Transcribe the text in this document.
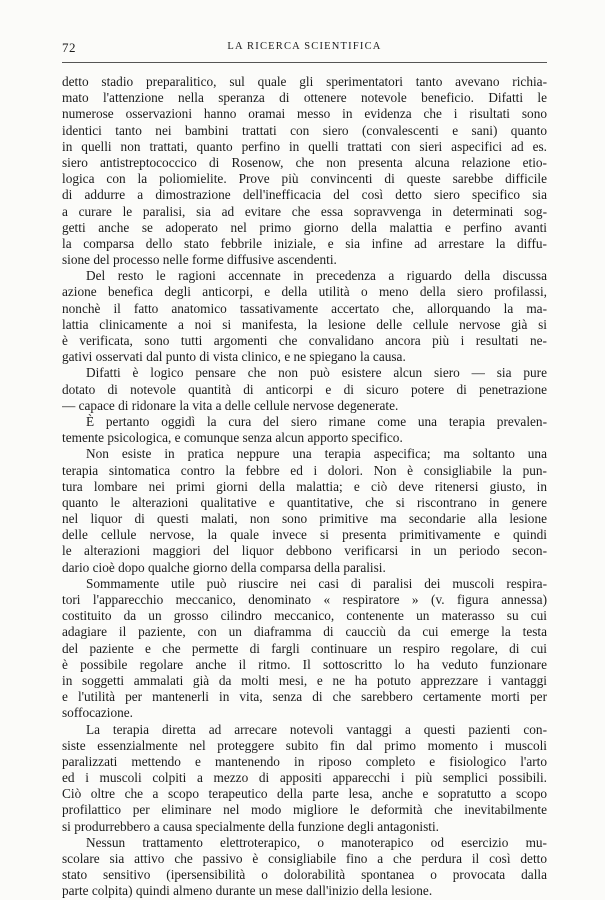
72	LA RICERCA SCIENTIFICA
detto stadio preparalitico, sul quale gli sperimentatori tanto avevano richia-
mato l'attenzione nella speranza di ottenere notevole beneficio. Difatti le
numerose osservazioni hanno oramai messo in evidenza che i risultati sono
identici tanto nei bambini trattati con siero (convalescenti e sani) quanto
in quelli non trattati, quanto perfino in quelli trattati con sieri aspecifici ad es.
siero antistreptococcico di Rosenow, che non presenta alcuna relazione etio-
logica con la poliomielite. Prove più convincenti di queste sarebbe difficile
di addurre a dimostrazione dell'inefficacia del così detto siero specifico sia
a curare le paralisi, sia ad evitare che essa sopravvenga in determinati sog-
getti anche se adoperato nel primo giorno della malattia e perfino avanti
la comparsa dello stato febbrile iniziale, e sia infine ad arrestare la diffu-
sione del processo nelle forme diffusive ascendenti.
Del resto le ragioni accennate in precedenza a riguardo della discussa
azione benefica degli anticorpi, e della utilità o meno della siero profilassi,
nonchè il fatto anatomico tassativamente accertato che, allorquando la ma-
lattia clinicamente a noi si manifesta, la lesione delle cellule nervose già si
è verificata, sono tutti argomenti che convalidano ancora più i resultati ne-
gativi osservati dal punto di vista clinico, e ne spiegano la causa.
Difatti è logico pensare che non può esistere alcun siero — sia pure
dotato di notevole quantità di anticorpi e di sicuro potere di penetrazione
— capace di ridonare la vita a delle cellule nervose degenerate.
È pertanto oggidì la cura del siero rimane come una terapia prevalen-
temente psicologica, e comunque senza alcun apporto specifico.
Non esiste in pratica neppure una terapia aspecifica; ma soltanto una
terapia sintomatica contro la febbre ed i dolori. Non è consigliabile la pun-
tura lombare nei primi giorni della malattia; e ciò deve ritenersi giusto, in
quanto le alterazioni qualitative e quantitative, che si riscontrano in genere
nel liquor di questi malati, non sono primitive ma secondarie alla lesione
delle cellule nervose, la quale invece si presenta primitivamente e quindi
le alterazioni maggiori del liquor debbono verificarsi in un periodo secon-
dario cioè dopo qualche giorno della comparsa della paralisi.
Sommamente utile può riuscire nei casi di paralisi dei muscoli respira-
tori l'apparecchio meccanico, denominato « respiratore » (v. figura annessa)
costituito da un grosso cilindro meccanico, contenente un materasso su cui
adagiare il paziente, con un diaframma di caucciù da cui emerge la testa
del paziente e che permette di fargli continuare un respiro regolare, di cui
è possibile regolare anche il ritmo. Il sottoscritto lo ha veduto funzionare
in soggetti ammalati già da molti mesi, e ne ha potuto apprezzare i vantaggi
e l'utilità per mantenerli in vita, senza di che sarebbero certamente morti per
soffocazione.
La terapia diretta ad arrecare notevoli vantaggi a questi pazienti con-
siste essenzialmente nel proteggere subito fin dal primo momento i muscoli
paralizzati mettendo e mantenendo in riposo completo e fisiologico l'arto
ed i muscoli colpiti a mezzo di appositi apparecchi i più semplici possibili.
Ciò oltre che a scopo terapeutico della parte lesa, anche e sopratutto a scopo
profilattico per eliminare nel modo migliore le deformità che inevitabilmente
si produrrebbero a causa specialmente della funzione degli antagonisti.
Nessun trattamento elettroterapico, o manoterapico od esercizio mu-
scolare sia attivo che passivo è consigliabile fino a che perdura il così detto
stato sensitivo (ipersensibilità o dolorabilità spontanea o provocata dalla
parte colpita) quindi almeno durante un mese dall'inizio della lesione.
